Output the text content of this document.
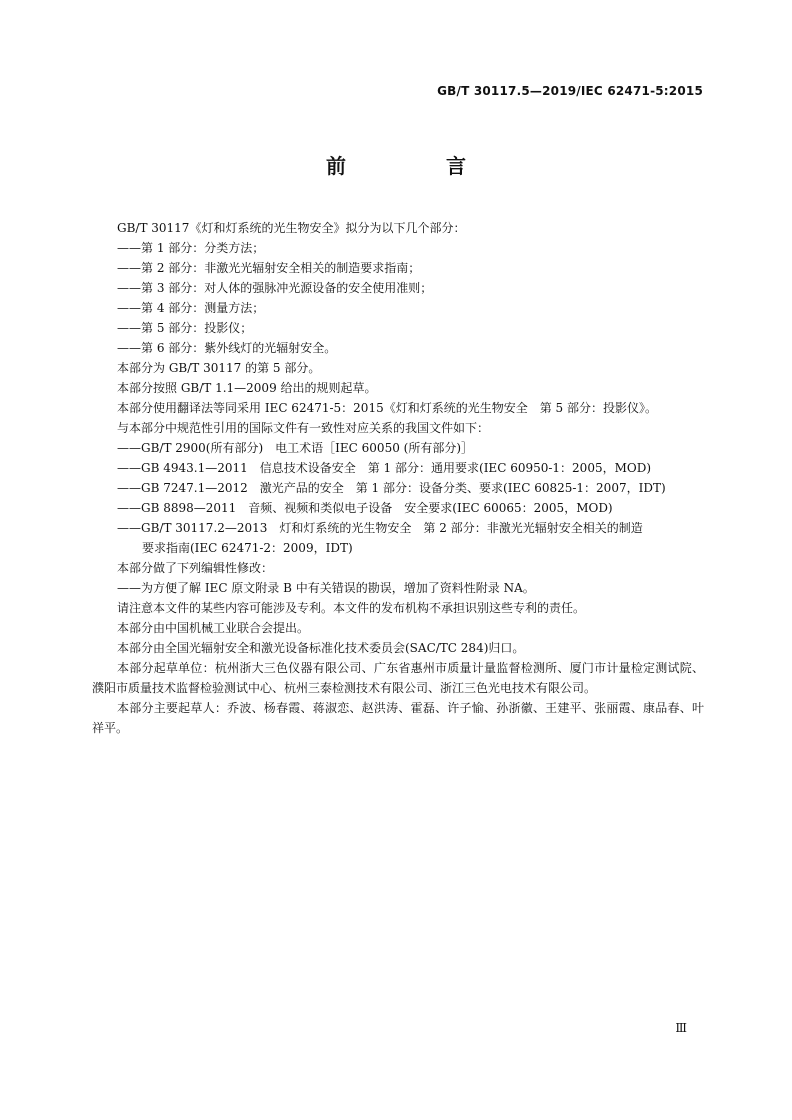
GB/T 30117.5—2019/IEC 62471-5:2015
前　言
GB/T 30117《灯和灯系统的光生物安全》拟分为以下几个部分：
——第 1 部分：分类方法；
——第 2 部分：非激光光辐射安全相关的制造要求指南；
——第 3 部分：对人体的强脉冲光源设备的安全使用准则；
——第 4 部分：测量方法；
——第 5 部分：投影仪；
——第 6 部分：紫外线灯的光辐射安全。
本部分为 GB/T 30117 的第 5 部分。
本部分按照 GB/T 1.1—2009 给出的规则起草。
本部分使用翻译法等同采用 IEC 62471-5：2015《灯和灯系统的光生物安全　第 5 部分：投影仪》。
与本部分中规范性引用的国际文件有一致性对应关系的我国文件如下：
——GB/T 2900(所有部分)　电工术语［IEC 60050 (所有部分)］
——GB 4943.1—2011　信息技术设备安全　第 1 部分：通用要求(IEC 60950-1：2005，MOD)
——GB 7247.1—2012　激光产品的安全　第 1 部分：设备分类、要求(IEC 60825-1：2007，IDT)
——GB 8898—2011　音频、视频和类似电子设备　安全要求(IEC 60065：2005，MOD)
——GB/T 30117.2—2013　灯和灯系统的光生物安全　第 2 部分：非激光光辐射安全相关的制造
要求指南(IEC 62471-2：2009，IDT)
本部分做了下列编辑性修改：
——为方便了解 IEC 原文附录 B 中有关错误的勘误，增加了资料性附录 NA。
请注意本文件的某些内容可能涉及专利。本文件的发布机构不承担识别这些专利的责任。
本部分由中国机械工业联合会提出。
本部分由全国光辐射安全和激光设备标准化技术委员会(SAC/TC 284)归口。
本部分起草单位：杭州浙大三色仪器有限公司、广东省惠州市质量计量监督检测所、厦门市计量检定测试院、濮阳市质量技术监督检验测试中心、杭州三泰检测技术有限公司、浙江三色光电技术有限公司。
本部分主要起草人：乔波、杨春霞、蒋淑恋、赵洪涛、霍磊、许子愉、孙浙徽、王建平、张丽霞、康品春、叶祥平。
Ⅲ
